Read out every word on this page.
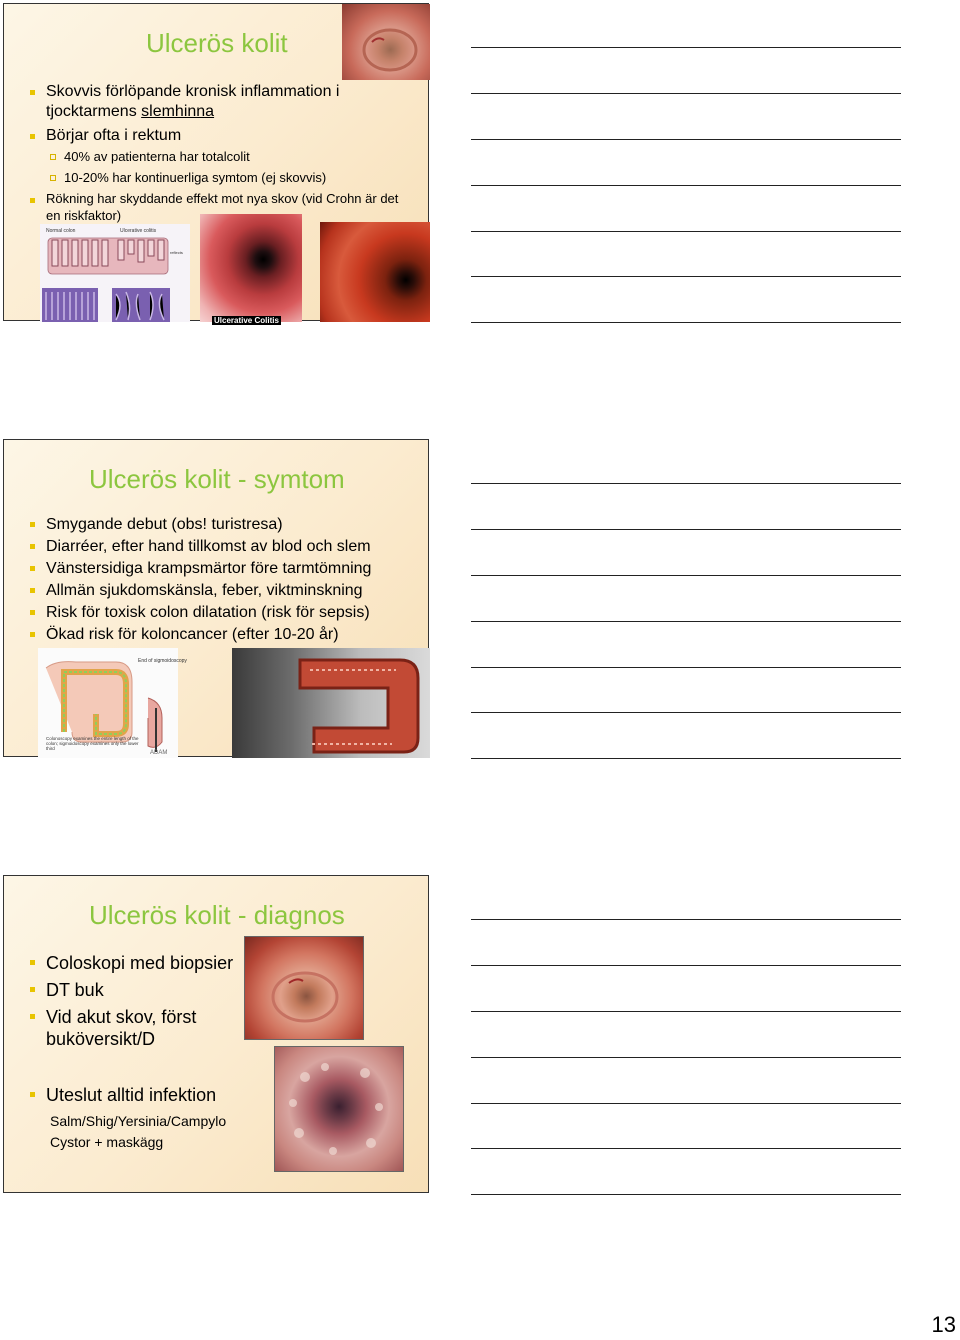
Ulcerös kolit
Skovvis förlöpande kronisk inflammation i tjocktarmens slemhinna
Börjar ofta i rektum
40% av patienterna har totalcolit
10-20% har kontinuerliga symtom (ej skovvis)
Rökning har skyddande effekt mot nya skov (vid Crohn är det en riskfaktor)
Normal colon	Ulcerative colitis
reflects
Ulcerative Colitis
Ulcerös kolit - symtom
Smygande debut (obs! turistresa)
Diarréer, efter hand tillkomst av blod och slem
Vänstersidiga krampsmärtor före tarmtömning
Allmän sjukdomskänsla, feber, viktminskning
Risk för toxisk colon dilatation (risk för sepsis)
Ökad risk för koloncancer (efter 10-20 år)
End of sigmoidoscopy
Colonoscopy examines the entire length of the colon; sigmoidoscopy examines only the lower third
ADAM
Ulcerös kolit - diagnos
Coloskopi med biopsier
DT buk
Vid akut skov, först buköversikt/D
Uteslut alltid infektion
Salm/Shig/Yersinia/Campylo
Cystor + maskägg
13
